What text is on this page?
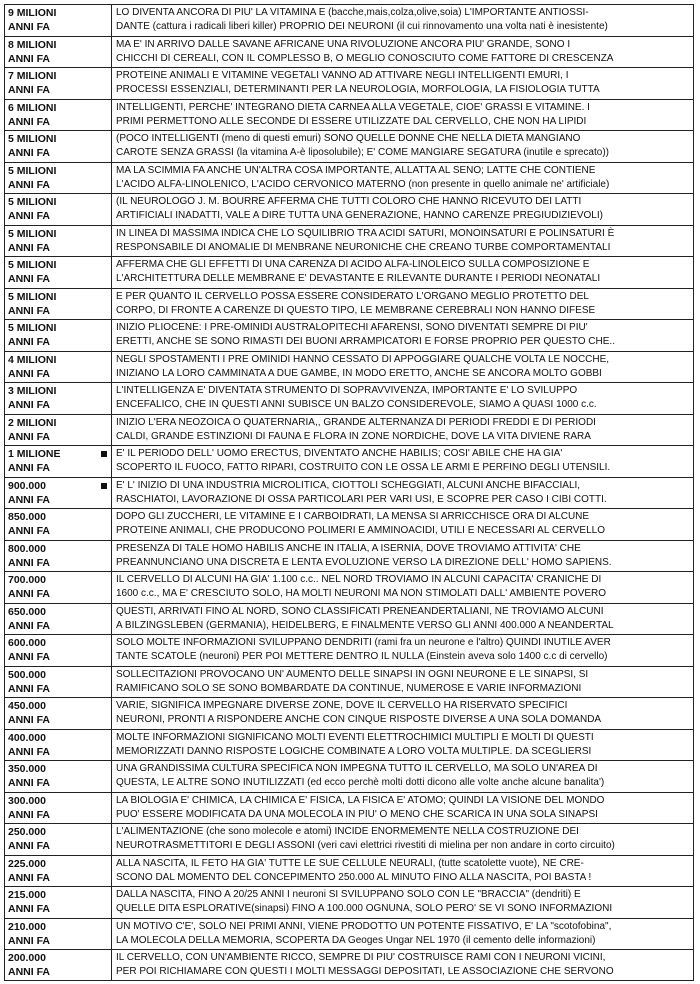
9 MILIONI
ANNI FA

LO DIVENTA ANCORA DI PIU' LA VITAMINA E (bacche,mais,colza,olive,soia) L'IMPORTANTE ANTIOSSI-

DANTE (cattura i radicali liberi killer) PROPRIO DEI NEURONI (il cui rinnovamento una volta nati è inesistente)

8 MILIONI
ANNI FA

MA E' IN ARRIVO DALLE SAVANE AFRICANE UNA RIVOLUZIONE ANCORA PIU' GRANDE, SONO I

CHICCHI DI CEREALI, CON IL COMPLESSO B, O MEGLIO CONOSCIUTO COME FATTORE DI CRESCENZA

7 MILIONI
ANNI FA

PROTEINE ANIMALI E VITAMINE VEGETALI VANNO AD ATTIVARE NEGLI INTELLIGENTI EMURI, I

PROCESSI ESSENZIALI, DETERMINANTI PER LA NEUROLOGIA, MORFOLOGIA, LA FISIOLOGIA TUTTA

6 MILIONI
ANNI FA

INTELLIGENTI, PERCHE' INTEGRANO DIETA CARNEA ALLA VEGETALE, CIOE' GRASSI E VITAMINE. I

PRIMI PERMETTONO ALLE SECONDE DI ESSERE UTILIZZATE DAL CERVELLO, CHE NON HA LIPIDI

5 MILIONI
ANNI FA

(POCO INTELLIGENTI (meno di questi emuri) SONO QUELLE DONNE CHE NELLA DIETA MANGIANO

CAROTE SENZA GRASSI (la vitamina A-è liposolubile); E' COME MANGIARE SEGATURA (inutile e sprecato))

5 MILIONI
ANNI FA

MA LA SCIMMIA FA ANCHE UN'ALTRA COSA IMPORTANTE, ALLATTA AL SENO; LATTE CHE CONTIENE

L'ACIDO ALFA-LINOLENICO, L'ACIDO CERVONICO MATERNO (non presente in quello animale ne' artificiale)

5 MILIONI
ANNI FA

(IL NEUROLOGO J. M. BOURRE AFFERMA CHE TUTTI COLORO CHE HANNO RICEVUTO DEI LATTI

ARTIFICIALI INADATTI, VALE A DIRE TUTTA UNA GENERAZIONE, HANNO CARENZE PREGIUDIZIEVOLI)

5 MILIONI
ANNI FA

IN LINEA DI MASSIMA INDICA CHE LO SQUILIBRIO TRA ACIDI SATURI, MONOINSATURI E POLINSATURI È

RESPONSABILE DI ANOMALIE DI MENBRANE NEURONICHE CHE CREANO TURBE COMPORTAMENTALI

5 MILIONI
ANNI FA

AFFERMA CHE GLI EFFETTI DI UNA CARENZA DI ACIDO ALFA-LINOLEICO SULLA COMPOSIZIONE E

L'ARCHITETTURA DELLE MEMBRANE E' DEVASTANTE E RILEVANTE DURANTE I PERIODI NEONATALI

5 MILIONI
ANNI FA

E PER QUANTO IL CERVELLO POSSA ESSERE CONSIDERATO L'ORGANO MEGLIO PROTETTO DEL

CORPO, DI FRONTE A CARENZE DI QUESTO TIPO, LE MEMBRANE CEREBRALI NON HANNO DIFESE

5 MILIONI
ANNI FA

INIZIO PLIOCENE: I PRE-OMINIDI AUSTRALOPITECHI AFARENSI, SONO DIVENTATI SEMPRE DI PIU'

ERETTI, ANCHE SE SONO RIMASTI DEI BUONI ARRAMPICATORI E FORSE PROPRIO PER QUESTO CHE..

4 MILIONI
ANNI FA

NEGLI SPOSTAMENTI I PRE OMINIDI HANNO CESSATO DI APPOGGIARE QUALCHE VOLTA LE NOCCHE,

INIZIANO LA LORO CAMMINATA A DUE GAMBE, IN MODO ERETTO, ANCHE SE ANCORA MOLTO GOBBI

3 MILIONI
ANNI FA

L'INTELLIGENZA E' DIVENTATA STRUMENTO DI SOPRAVVIVENZA, IMPORTANTE E' LO SVILUPPO

ENCEFALICO, CHE IN QUESTI ANNI SUBISCE UN BALZO CONSIDEREVOLE, SIAMO A QUASI 1000 c.c.

2 MILIONI
ANNI FA

INIZIO L'ERA NEOZOICA O QUATERNARIA,, GRANDE ALTERNANZA DI PERIODI FREDDI E DI PERIODI

CALDI, GRANDE ESTINZIONI DI FAUNA E FLORA IN ZONE NORDICHE, DOVE LA VITA DIVIENE RARA

1 MILIONE
ANNI FA

E' IL PERIODO DELL' UOMO ERECTUS, DIVENTATO ANCHE HABILIS; COSI' ABILE CHE HA GIA'

SCOPERTO IL FUOCO, FATTO RIPARI, COSTRUITO CON LE OSSA LE ARMI E PERFINO DEGLI UTENSILI.

900.000
ANNI FA

E' L' INIZIO DI UNA INDUSTRIA MICROLITICA, CIOTTOLI SCHEGGIATI, ALCUNI ANCHE BIFACCIALI,

RASCHIATOI, LAVORAZIONE DI OSSA PARTICOLARI PER VARI USI, E SCOPRE PER CASO I CIBI COTTI.

850.000
ANNI FA

DOPO GLI ZUCCHERI, LE VITAMINE E I CARBOIDRATI, LA MENSA SI ARRICCHISCE ORA DI ALCUNE

PROTEINE ANIMALI, CHE PRODUCONO POLIMERI E AMMINOACIDI, UTILI E NECESSARI AL CERVELLO

800.000
ANNI FA

PRESENZA DI TALE HOMO HABILIS ANCHE IN ITALIA, A ISERNIA, DOVE TROVIAMO ATTIVITA' CHE

PREANNUNCIANO UNA DISCRETA E LENTA EVOLUZIONE VERSO LA DIREZIONE DELL' HOMO SAPIENS.

700.000
ANNI FA

IL CERVELLO DI ALCUNI HA GIA' 1.100 c.c.. NEL NORD TROVIAMO IN ALCUNI CAPACITA' CRANICHE DI

1600 c.c., MA E' CRESCIUTO SOLO, HA MOLTI NEURONI MA NON STIMOLATI DALL' AMBIENTE POVERO

650.000
ANNI FA

QUESTI, ARRIVATI FINO AL NORD, SONO CLASSIFICATI PRENEANDERTALIANI, NE TROVIAMO ALCUNI

A BILZINGSLEBEN (GERMANIA), HEIDELBERG, E FINALMENTE VERSO GLI ANNI 400.000 A NEANDERTAL

600.000
ANNI FA

SOLO MOLTE INFORMAZIONI SVILUPPANO DENDRITI (rami fra un neurone e l'altro) QUINDI INUTILE AVER

TANTE SCATOLE (neuroni) PER POI METTERE DENTRO IL NULLA (Einstein aveva solo 1400 c.c di cervello)

500.000
ANNI FA

SOLLECITAZIONI PROVOCANO UN' AUMENTO DELLE SINAPSI IN OGNI NEURONE E LE SINAPSI, SI

RAMIFICANO SOLO SE SONO BOMBARDATE DA CONTINUE, NUMEROSE E VARIE INFORMAZIONI

450.000
ANNI FA

VARIE, SIGNIFICA IMPEGNARE DIVERSE ZONE, DOVE IL CERVELLO HA RISERVATO SPECIFICI

NEURONI, PRONTI A RISPONDERE ANCHE CON CINQUE RISPOSTE DIVERSE A UNA SOLA DOMANDA

400.000
ANNI FA

MOLTE INFORMAZIONI SIGNIFICANO MOLTI EVENTI ELETTROCHIMICI MULTIPLI E MOLTI DI QUESTI

MEMORIZZATI DANNO RISPOSTE LOGICHE COMBINATE A LORO VOLTA MULTIPLE. DA SCEGLIERSI

350.000
ANNI FA

UNA GRANDISSIMA CULTURA SPECIFICA NON IMPEGNA TUTTO IL CERVELLO, MA SOLO UN'AREA DI

QUESTA, LE ALTRE SONO INUTILIZZATI (ed ecco perchè molti dotti dicono alle volte anche alcune banalita')

300.000
ANNI FA

LA BIOLOGIA E' CHIMICA, LA CHIMICA E' FISICA, LA FISICA E' ATOMO; QUINDI LA VISIONE DEL MONDO

PUO' ESSERE MODIFICATA DA UNA MOLECOLA IN PIU' O MENO CHE SCARICA IN UNA SOLA SINAPSI

250.000
ANNI FA

L'ALIMENTAZIONE (che sono molecole e atomi) INCIDE ENORMEMENTE NELLA COSTRUZIONE DEI

NEUROTRASMETTITORI E DEGLI ASSONI (veri cavi elettrici rivestiti di mielina per non andare in corto circuito)

225.000
ANNI FA

ALLA NASCITA, IL FETO HA GIA' TUTTE LE SUE CELLULE NEURALI, (tutte scatolette vuote), NE CRE-

SCONO DAL MOMENTO DEL CONCEPIMENTO 250.000 AL MINUTO FINO ALLA NASCITA, POI BASTA !

215.000
ANNI FA

DALLA NASCITA, FINO A 20/25 ANNI I neuroni SI SVILUPPANO SOLO CON LE "BRACCIA" (dendriti) E

QUELLE DITA ESPLORATIVE(sinapsi) FINO A 100.000 OGNUNA, SOLO PERO' SE VI SONO INFORMAZIONI

210.000
ANNI FA

UN MOTIVO C'E', SOLO NEI PRIMI ANNI, VIENE PRODOTTO UN POTENTE FISSATIVO, E' LA "scotofobina",

LA MOLECOLA DELLA MEMORIA, SCOPERTA DA Geoges Ungar NEL 1970 (il cemento delle informazioni)

200.000
ANNI FA

IL CERVELLO, CON UN'AMBIENTE RICCO, SEMPRE DI PIU' COSTRUISCE RAMI CON I NEURONI VICINI,

PER POI RICHIAMARE CON QUESTI I MOLTI MESSAGGI DEPOSITATI, LE ASSOCIAZIONE CHE SERVONO
